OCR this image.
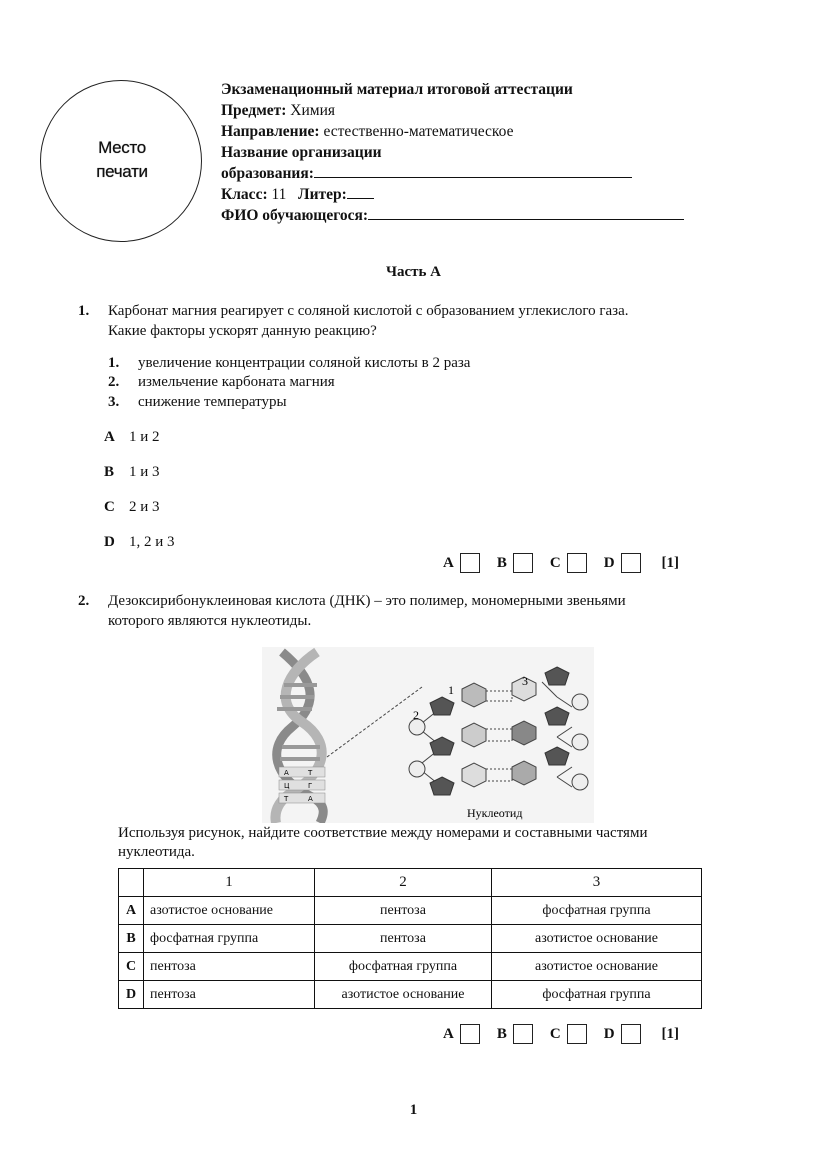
Место
печати
Экзаменационный материал итоговой аттестации
Предмет: Химия
Направление: естественно-математическое
Название организации
образования:
Класс: 11 Литер:
ФИО обучающегося:
Часть А
1. Карбонат магния реагирует с соляной кислотой с образованием углекислого газа.
Какие факторы ускорят данную реакцию?
1. увеличение концентрации соляной кислоты в 2 раза
2. измельчение карбоната магния
3. снижение температуры
A 1 и 2
B 1 и 3
C 2 и 3
D 1, 2 и 3
A	B	C	D	[1]
2. Дезоксирибонуклеиновая кислота (ДНК) – это полимер, мономерными звеньями
которого являются нуклеотиды.
А	Т
Ц	Г
Т	А
1
2
3
Нуклеотид
Используя рисунок, найдите соответствие между номерами и составными частями
нуклеотида.
	1	2	3
A	азотистое основание	пентоза	фосфатная группа
B	фосфатная группа	пентоза	азотистое основание
C	пентоза	фосфатная группа	азотистое основание
D	пентоза	азотистое основание	фосфатная группа
A	B	C	D	[1]
1
